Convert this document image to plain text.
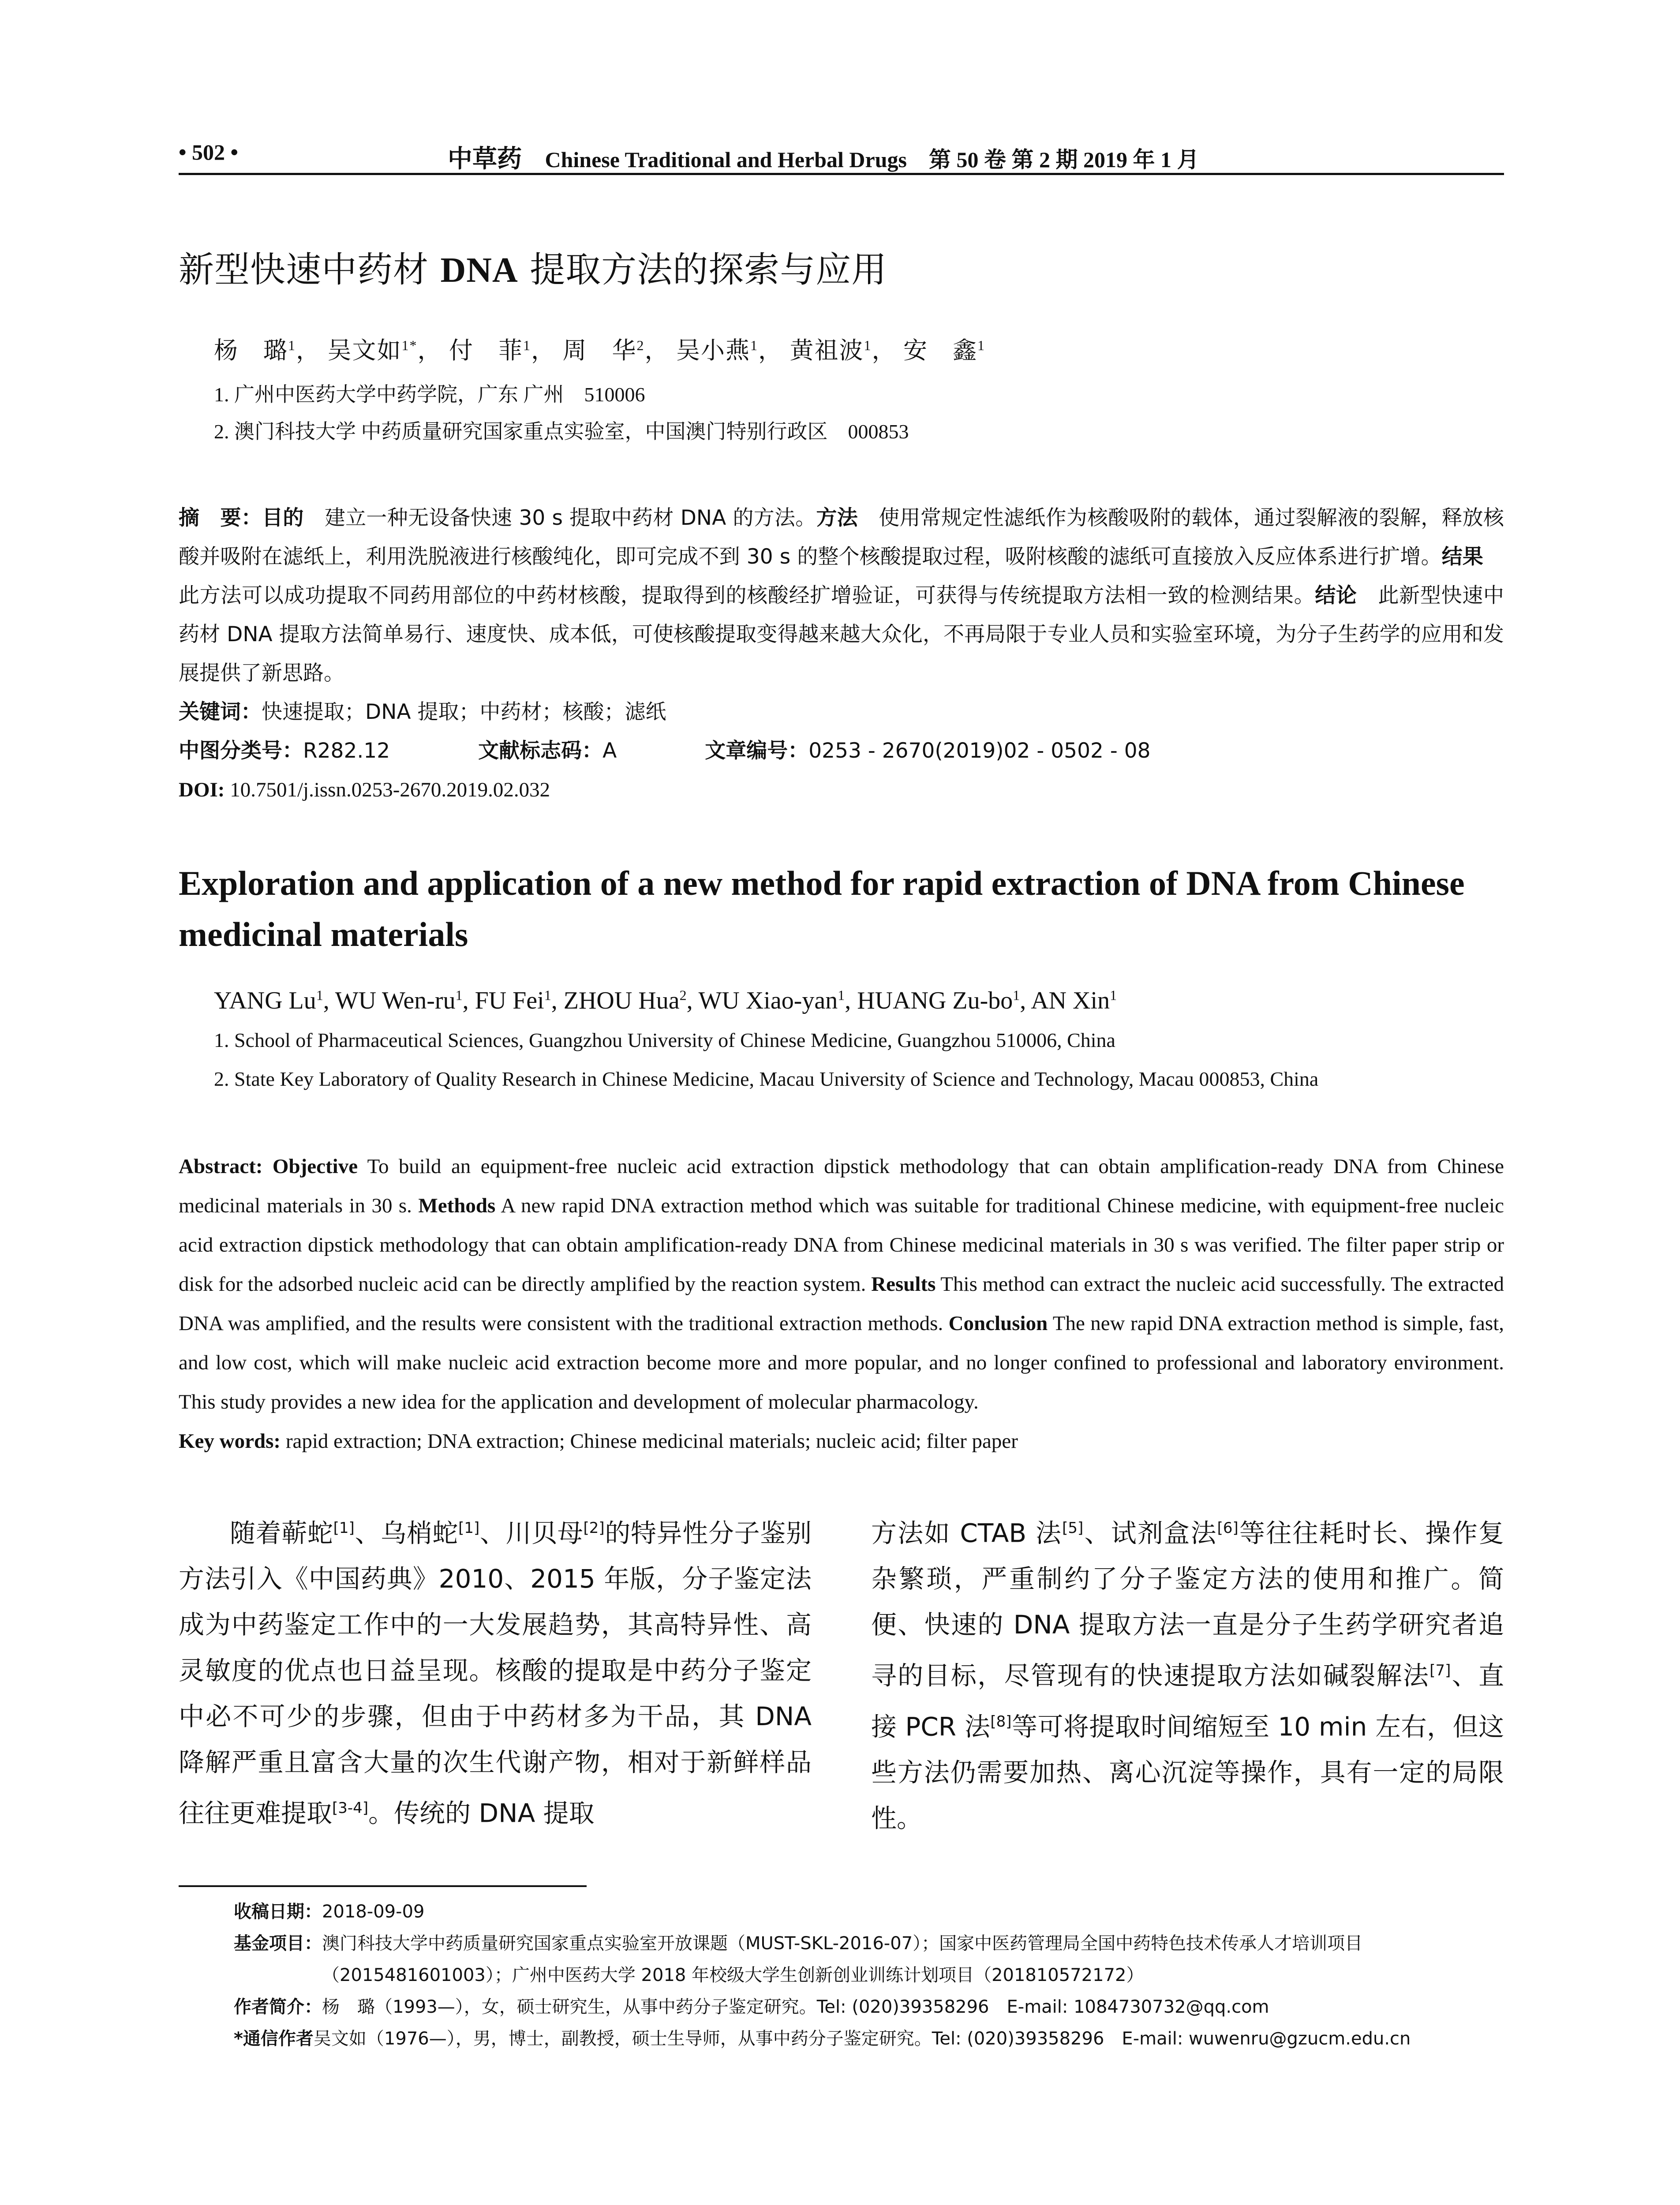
• 502 •	中草药 Chinese Traditional and Herbal Drugs 第 50 卷 第 2 期 2019 年 1 月
新型快速中药材 DNA 提取方法的探索与应用
杨　璐$^1$， 吴文如$^{1*}$， 付　菲$^1$， 周　华$^2$， 吴小燕$^1$， 黄祖波$^1$， 安　鑫$^1$
1. 广州中医药大学中药学院，广东 广州　510006
2. 澳门科技大学 中药质量研究国家重点实验室，中国澳门特别行政区　000853
摘　要：目的　建立一种无设备快速 30 s 提取中药材 DNA 的方法。方法　使用常规定性滤纸作为核酸吸附的载体，通过裂解液的裂解，释放核酸并吸附在滤纸上，利用洗脱液进行核酸纯化，即可完成不到 30 s 的整个核酸提取过程，吸附核酸的滤纸可直接放入反应体系进行扩增。结果　此方法可以成功提取不同药用部位的中药材核酸，提取得到的核酸经扩增验证，可获得与传统提取方法相一致的检测结果。结论　此新型快速中药材 DNA 提取方法简单易行、速度快、成本低，可使核酸提取变得越来越大众化，不再局限于专业人员和实验室环境，为分子生药学的应用和发展提供了新思路。
关键词：快速提取；DNA 提取；中药材；核酸；滤纸
中图分类号：R282.12	文献标志码：A	文章编号：0253 - 2670(2019)02 - 0502 - 08
DOI: 10.7501/j.issn.0253-2670.2019.02.032
Exploration and application of a new method for rapid extraction of DNA from Chinese medicinal materials
YANG Lu$^1$, WU Wen-$ru^1$, FU Fei$^1$, ZHOU Hua$^2$, WU Xiao-yan$^1$, HUANG $Zu-bo^1$, AN Xin$^1$
1. School of Pharmaceutical Sciences, Guangzhou University of Chinese Medicine, Guangzhou 510006, China
2. State Key Laboratory of Quality Research in Chinese Medicine, Macau University of Science and Technology, Macau 000853, China
Abstract: Objective To build an equipment-free nucleic acid extraction dipstick methodology that can obtain amplification-ready DNA from Chinese medicinal materials in 30 s. Methods A new rapid DNA extraction method which was suitable for traditional Chinese medicine, with equipment-free nucleic acid extraction dipstick methodology that can obtain amplification-ready DNA from Chinese medicinal materials in 30 s was verified. The filter paper strip or disk for the adsorbed nucleic acid can be directly amplified by the reaction system. Results This method can extract the nucleic acid successfully. The extracted DNA was amplified, and the results were consistent with the traditional extraction methods. Conclusion The new rapid DNA extraction method is simple, fast, and low cost, which will make nucleic acid extraction become more and more popular, and no longer confined to professional and laboratory environment. This study provides a new idea for the application and development of molecular pharmacology.
Key words: rapid extraction; DNA extraction; Chinese medicinal materials; nucleic acid; filter paper
随着蕲蛇[1]、乌梢蛇[1]、川贝母[2]的特异性分子鉴别方法引入《中国药典》2010、2015 年版，分子鉴定法成为中药鉴定工作中的一大发展趋势，其高特异性、高灵敏度的优点也日益呈现。核酸的提取是中药分子鉴定中必不可少的步骤，但由于中药材多为干品，其 DNA 降解严重且富含大量的次生代谢产物，相对于新鲜样品往往更难提取[3-4]。传统的 DNA 提取
方法如 CTAB 法[5]、试剂盒法[6]等往往耗时长、操作复杂繁琐，严重制约了分子鉴定方法的使用和推广。简便、快速的 DNA 提取方法一直是分子生药学研究者追寻的目标，尽管现有的快速提取方法如碱裂解法[7]、直接 PCR 法[8]等可将提取时间缩短至 10 min 左右，但这些方法仍需要加热、离心沉淀等操作，具有一定的局限性。
收稿日期： 2018-09-09
基金项目： 澳门科技大学中药质量研究国家重点实验室开放课题（MUST-SKL-2016-07）；国家中医药管理局全国中药特色技术传承人才培训项目（2015481601003）；广州中医药大学 2018 年校级大学生创新创业训练计划项目（201810572172）
作者简介： 杨　璐（1993—），女，硕士研究生，从事中药分子鉴定研究。Tel: (020)39358296　E-mail: 1084730732@qq.com
*通信作者 吴文如（1976—），男，博士，副教授，硕士生导师，从事中药分子鉴定研究。Tel: (020)39358296　E-mail: wuwenru@gzucm.edu.cn
